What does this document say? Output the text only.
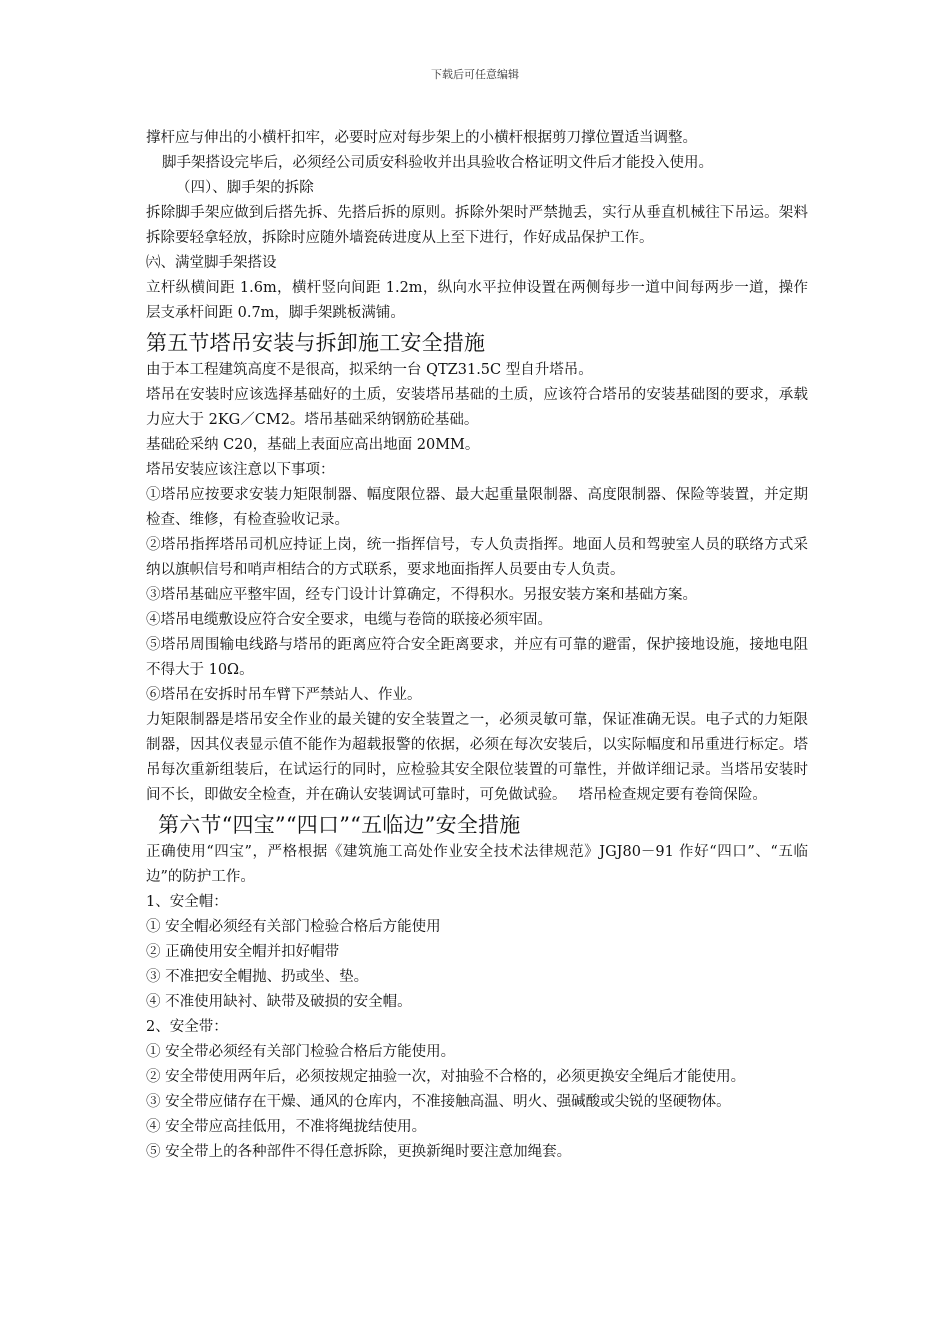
下载后可任意编辑

撑杆应与伸出的小横杆扣牢，必要时应对每步架上的小横杆根据剪刀撑位置适当调整。

脚手架搭设完毕后，必须经公司质安科验收并出具验收合格证明文件后才能投入使用。

（四）、脚手架的拆除

拆除脚手架应做到后搭先拆、先搭后拆的原则。拆除外架时严禁抛丢，实行从垂直机械往下吊运。架料拆除要轻拿轻放，拆除时应随外墙瓷砖进度从上至下进行，作好成品保护工作。

㈥、满堂脚手架搭设

立杆纵横间距 1.6m，横杆竖向间距 1.2m，纵向水平拉伸设置在两侧每步一道中间每两步一道，操作层支承杆间距 0.7m，脚手架跳板满铺。

第五节塔吊安装与拆卸施工安全措施

由于本工程建筑高度不是很高，拟采纳一台 QTZ31.5C 型自升塔吊。

塔吊在安装时应该选择基础好的土质，安装塔吊基础的土质，应该符合塔吊的安装基础图的要求，承载力应大于 2KG／CM2。塔吊基础采纳钢筋砼基础。

基础砼采纳 C20，基础上表面应高出地面 20MM。

塔吊安装应该注意以下事项：

①塔吊应按要求安装力矩限制器、幅度限位器、最大起重量限制器、高度限制器、保险等装置，并定期检查、维修，有检查验收记录。

②塔吊指挥塔吊司机应持证上岗，统一指挥信号，专人负责指挥。地面人员和驾驶室人员的联络方式采纳以旗帜信号和哨声相结合的方式联系，要求地面指挥人员要由专人负责。

③塔吊基础应平整牢固，经专门设计计算确定，不得积水。另报安装方案和基础方案。

④塔吊电缆敷设应符合安全要求，电缆与卷筒的联接必须牢固。

⑤塔吊周围输电线路与塔吊的距离应符合安全距离要求，并应有可靠的避雷，保护接地设施，接地电阻不得大于 10Ω。

⑥塔吊在安拆时吊车臂下严禁站人、作业。

力矩限制器是塔吊安全作业的最关键的安全装置之一，必须灵敏可靠，保证准确无误。电子式的力矩限制器，因其仪表显示值不能作为超载报警的依据，必须在每次安装后，以实际幅度和吊重进行标定。塔吊每次重新组装后，在试运行的同时，应检验其安全限位装置的可靠性，并做详细记录。当塔吊安装时间不长，即做安全检查，并在确认安装调试可靠时，可免做试验。　 塔吊检查规定要有卷筒保险。

第六节“四宝”“四口”“五临边”安全措施

正确使用“四宝”，严格根据《建筑施工高处作业安全技术法律规范》JGJ80－91 作好“四口”、“五临边”的防护工作。

1、安全帽：

① 安全帽必须经有关部门检验合格后方能使用

② 正确使用安全帽并扣好帽带

③ 不准把安全帽抛、扔或坐、垫。

④ 不准使用缺衬、缺带及破损的安全帽。

2、安全带：

① 安全带必须经有关部门检验合格后方能使用。

② 安全带使用两年后，必须按规定抽验一次，对抽验不合格的，必须更换安全绳后才能使用。

③ 安全带应储存在干燥、通风的仓库内，不准接触高温、明火、强碱酸或尖锐的坚硬物体。

④ 安全带应高挂低用，不准将绳拢结使用。

⑤ 安全带上的各种部件不得任意拆除，更换新绳时要注意加绳套。
